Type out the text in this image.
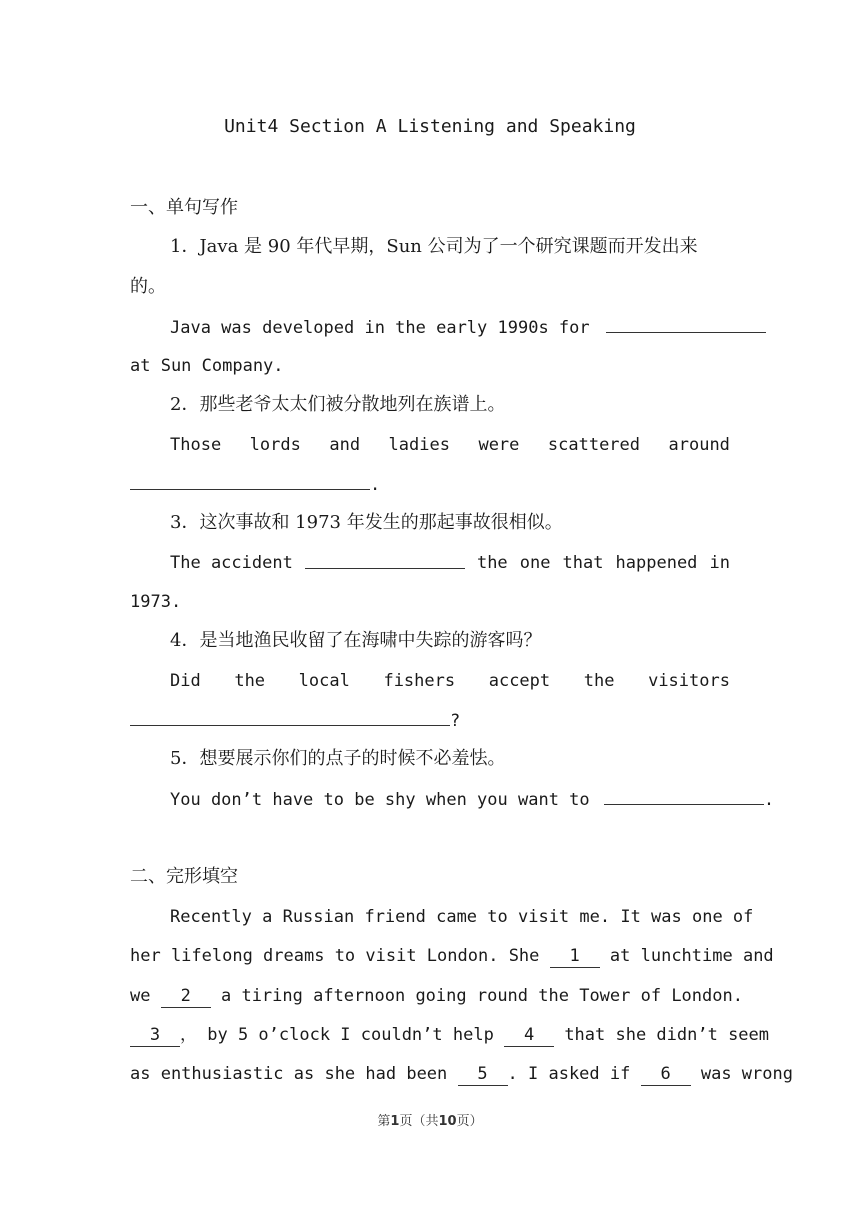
Unit4 Section A Listening and Speaking
一、单句写作
1．Java 是 90 年代早期，Sun 公司为了一个研究课题而开发出来
的。
Java was developed in the early 1990s for
at Sun Company.
2．那些老爷太太们被分散地列在族谱上。
Those lords and ladies were scattered around
.
3．这次事故和 1973 年发生的那起事故很相似。
The accident	the one that happened in
1973.
4．是当地渔民收留了在海啸中失踪的游客吗？
Did the local fishers accept the visitors
?
5．想要展示你们的点子的时候不必羞怯。
You don’t have to be shy when you want to	.
二、完形填空
Recently a Russian friend came to visit me. It was one of
her lifelong dreams to visit London. She 1 at lunchtime and
we 2 a tiring afternoon going round the Tower of London.
3 ， by 5 o’clock I couldn’t help 4 that she didn’t seem
as enthusiastic as she had been 5 . I asked if 6 was wrong
第1页（共10页）
